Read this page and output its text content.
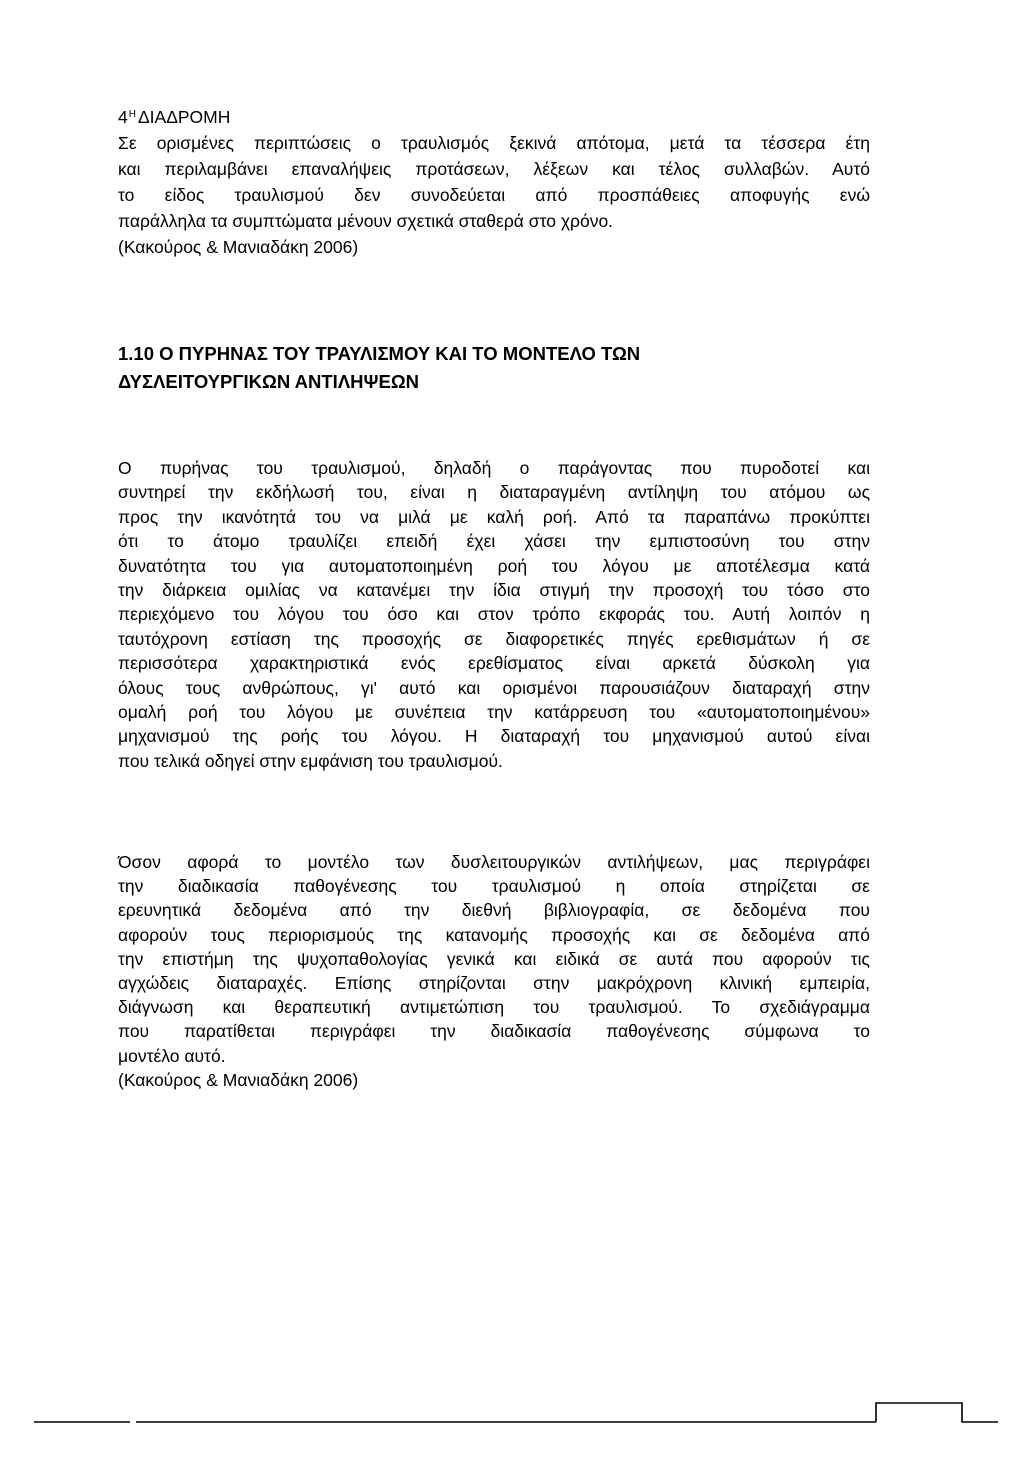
$4^H$ ΔΙΑΔΡΟΜΗ
Σε ορισμένες περιπτώσεις ο τραυλισμός ξεκινά απότομα, μετά τα τέσσερα έτη
και περιλαμβάνει επαναλήψεις προτάσεων, λέξεων και τέλος συλλαβών. Αυτό
το είδος τραυλισμού δεν συνοδεύεται από προσπάθειες αποφυγής ενώ
παράλληλα τα συμπτώματα μένουν σχετικά σταθερά στο χρόνο.
(Κακούρος & Μανιαδάκη 2006)
1.10 Ο ΠΥΡΗΝΑΣ ΤΟΥ ΤΡΑΥΛΙΣΜΟΥ ΚΑΙ ΤΟ ΜΟΝΤΕΛΟ ΤΩΝ
ΔΥΣΛΕΙΤΟΥΡΓΙΚΩΝ ΑΝΤΙΛΗΨΕΩΝ
Ο πυρήνας του τραυλισμού, δηλαδή ο παράγοντας που πυροδοτεί και
συντηρεί την εκδήλωσή του, είναι η διαταραγμένη αντίληψη του ατόμου ως
προς την ικανότητά του να μιλά με καλή ροή. Από τα παραπάνω προκύπτει
ότι το άτομο τραυλίζει επειδή έχει χάσει την εμπιστοσύνη του στην
δυνατότητα του για αυτοματοποιημένη ροή του λόγου με αποτέλεσμα κατά
την διάρκεια ομιλίας να κατανέμει την ίδια στιγμή την προσοχή του τόσο στο
περιεχόμενο του λόγου του όσο και στον τρόπο εκφοράς του. Αυτή λοιπόν η
ταυτόχρονη εστίαση της προσοχής σε διαφορετικές πηγές ερεθισμάτων ή σε
περισσότερα χαρακτηριστικά ενός ερεθίσματος είναι αρκετά δύσκολη για
όλους τους ανθρώπους, γι' αυτό και ορισμένοι παρουσιάζουν διαταραχή στην
ομαλή ροή του λόγου με συνέπεια την κατάρρευση του «αυτοματοποιημένου»
μηχανισμού της ροής του λόγου. Η διαταραχή του μηχανισμού αυτού είναι
που τελικά οδηγεί στην εμφάνιση του τραυλισμού.
Όσον αφορά το μοντέλο των δυσλειτουργικών αντιλήψεων, μας περιγράφει
την διαδικασία παθογένεσης του τραυλισμού η οποία στηρίζεται σε
ερευνητικά δεδομένα από την διεθνή βιβλιογραφία, σε δεδομένα που
αφορούν τους περιορισμούς της κατανομής προσοχής και σε δεδομένα από
την επιστήμη της ψυχοπαθολογίας γενικά και ειδικά σε αυτά που αφορούν τις
αγχώδεις διαταραχές. Επίσης στηρίζονται στην μακρόχρονη κλινική εμπειρία,
διάγνωση και θεραπευτική αντιμετώπιση του τραυλισμού. Το σχεδιάγραμμα
που παρατίθεται περιγράφει την διαδικασία παθογένεσης σύμφωνα το
μοντέλο αυτό.
(Κακούρος & Μανιαδάκη 2006)
